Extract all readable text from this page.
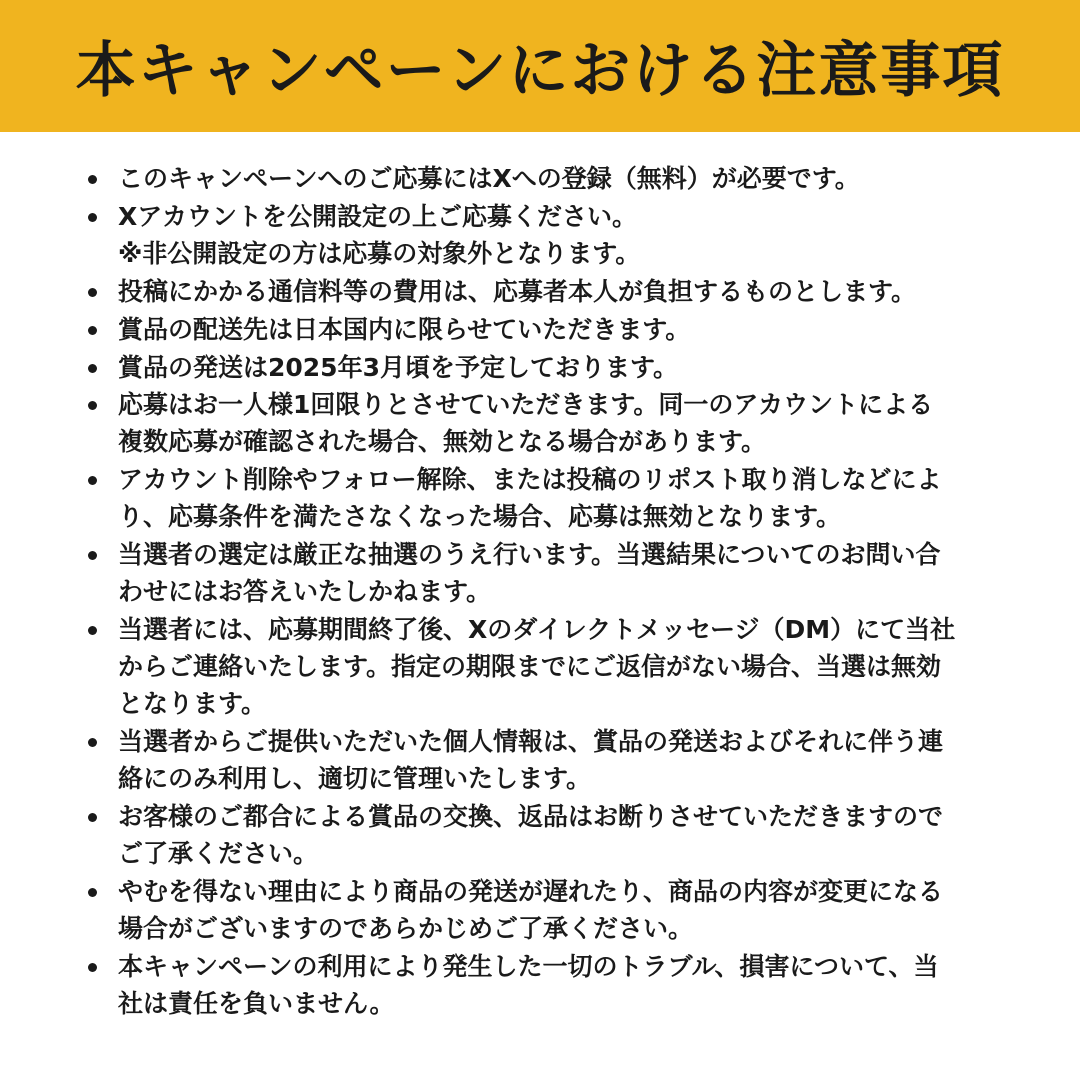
本キャンペーンにおける注意事項
このキャンペーンへのご応募にはXへの登録（無料）が必要です。
Xアカウントを公開設定の上ご応募ください。
※非公開設定の方は応募の対象外となります。
投稿にかかる通信料等の費用は、応募者本人が負担するものとします。
賞品の配送先は日本国内に限らせていただきます。
賞品の発送は2025年3月頃を予定しております。
応募はお一人様1回限りとさせていただきます。同一のアカウントによる
複数応募が確認された場合、無効となる場合があります。
アカウント削除やフォロー解除、または投稿のリポスト取り消しなどによ
り、応募条件を満たさなくなった場合、応募は無効となります。
当選者の選定は厳正な抽選のうえ行います。当選結果についてのお問い合
わせにはお答えいたしかねます。
当選者には、応募期間終了後、Xのダイレクトメッセージ（DM）にて当社
からご連絡いたします。指定の期限までにご返信がない場合、当選は無効
となります。
当選者からご提供いただいた個人情報は、賞品の発送およびそれに伴う連
絡にのみ利用し、適切に管理いたします。
お客様のご都合による賞品の交換、返品はお断りさせていただきますので
ご了承ください。
やむを得ない理由により商品の発送が遅れたり、商品の内容が変更になる
場合がございますのであらかじめご了承ください。
本キャンペーンの利用により発生した一切のトラブル、損害について、当
社は責任を負いません。
